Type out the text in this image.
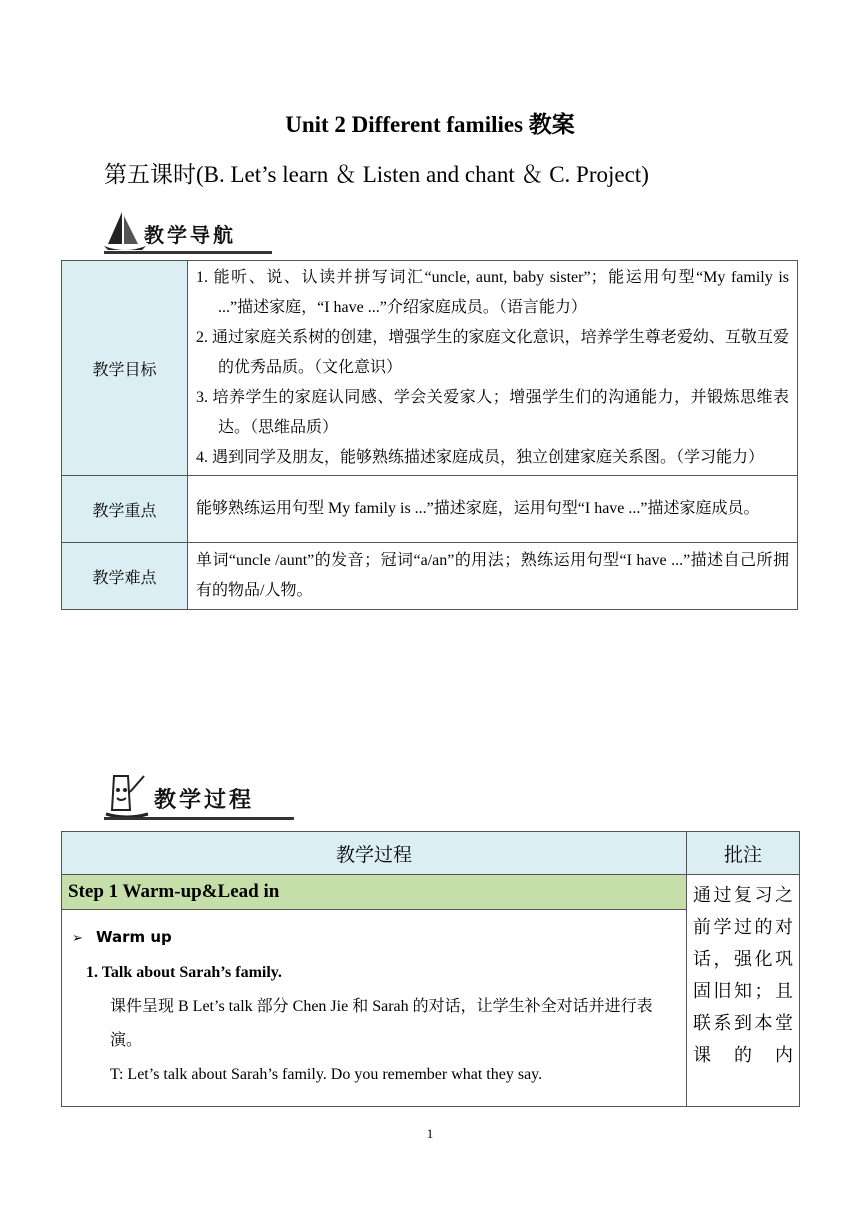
Unit 2 Different families 教案
第五课时(B. Let’s learn ＆ Listen and chant ＆ C. Project)
教学导航
教学目标	1. 能听、说、认读并拼写词汇“uncle, aunt, baby sister”；能运用句型“My family is ...”描述家庭，“I have ...”介绍家庭成员。（语言能力）
2. 通过家庭关系树的创建，增强学生的家庭文化意识，培养学生尊老爱幼、互敬互爱的优秀品质。（文化意识）
3. 培养学生的家庭认同感、学会关爱家人；增强学生们的沟通能力，并锻炼思维表达。（思维品质）
4. 遇到同学及朋友，能够熟练描述家庭成员，独立创建家庭关系图。（学习能力）

教学重点	能够熟练运用句型 My family is ...”描述家庭，运用句型“I have ...”描述家庭成员。

教学难点	单词“uncle /aunt”的发音；冠词“a/an”的用法；熟练运用句型“I have ...”描述自己所拥有的物品/人物。
教学过程
教学过程	批注
Step 1 Warm-up&Lead in	通过复习之前学过的对话，强化巩固旧知；且联系到本堂课的内

➢ Warm up
1. Talk about Sarah’s family.
课件呈现 B Let’s talk 部分 Chen Jie 和 Sarah 的对话，让学生补全对话并进行表演。
T: Let’s talk about Sarah’s family. Do you remember what they say.	
1
